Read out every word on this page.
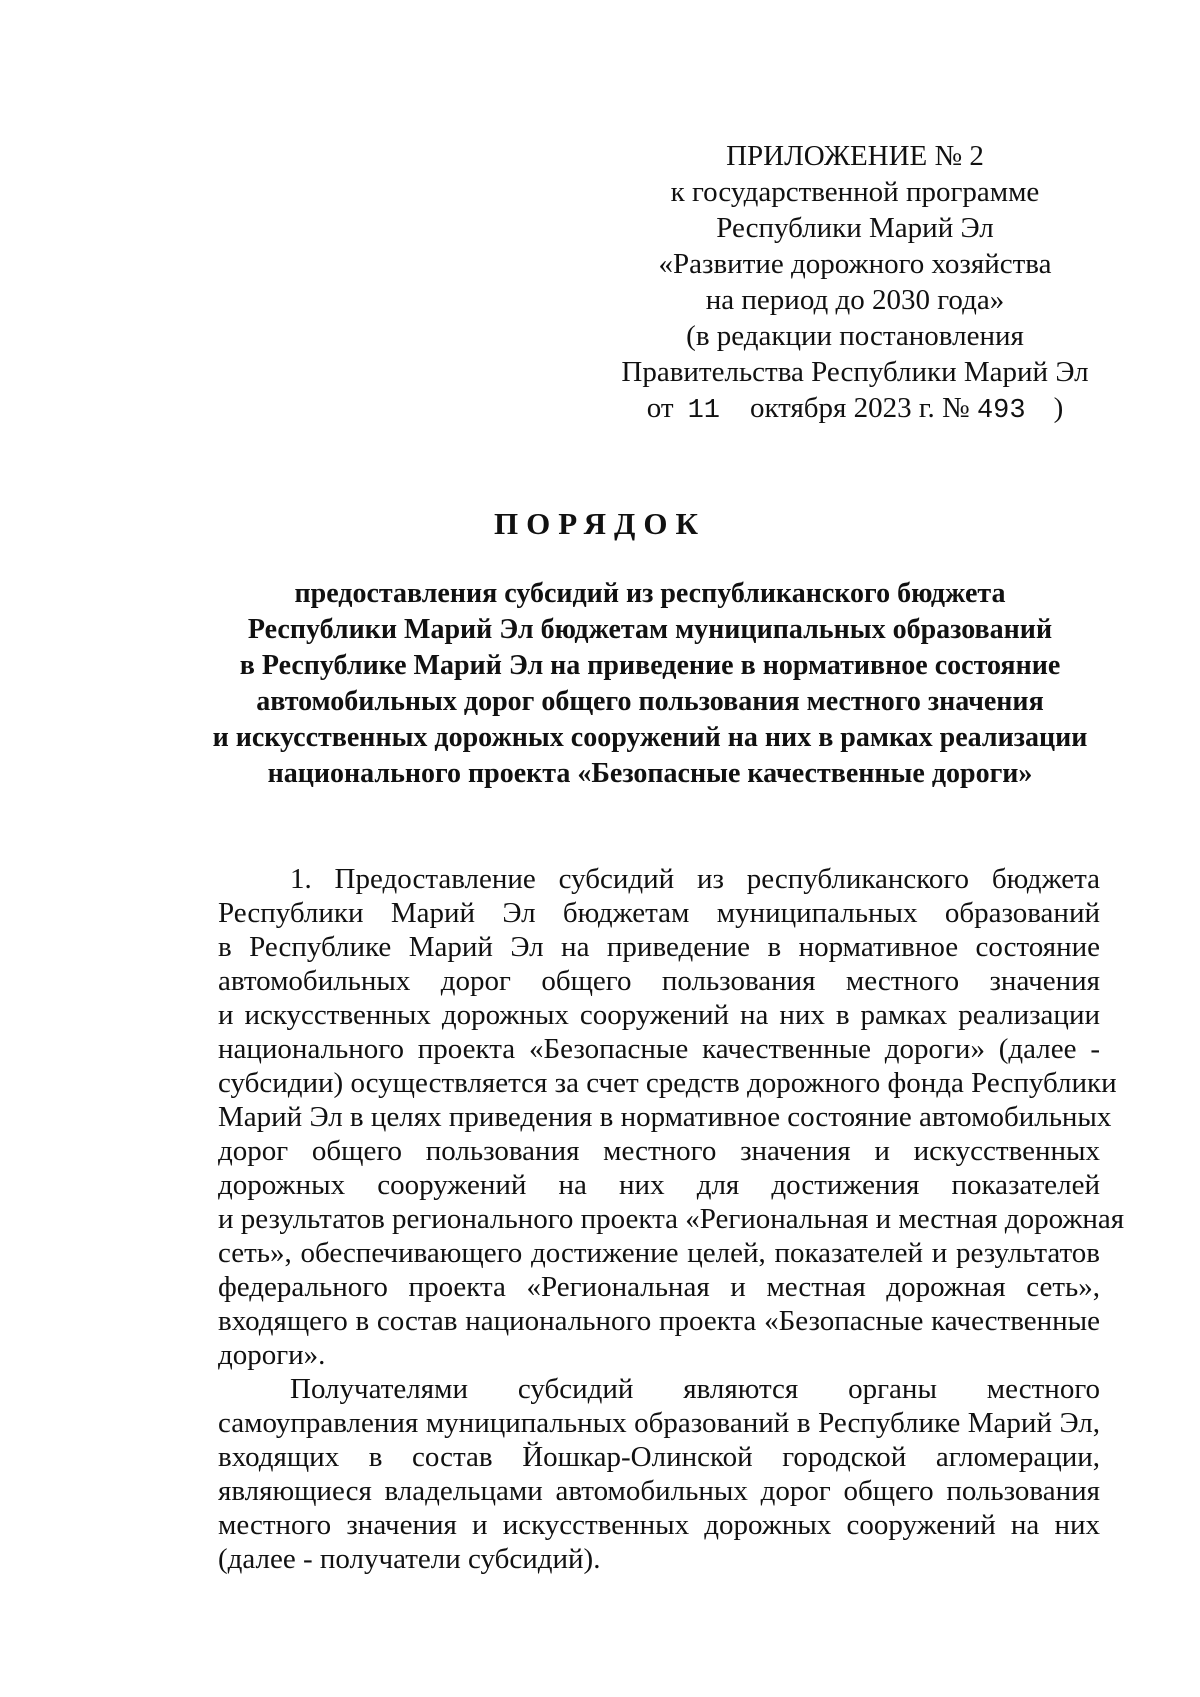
ПРИЛОЖЕНИЕ № 2
к государственной программе
Республики Марий Эл
«Развитие дорожного хозяйства
на период до 2030 года»
(в редакции постановления
Правительства Республики Марий Эл
от 11 октября 2023 г. № 493 )
ПОРЯДОК
предоставления субсидий из республиканского бюджета
Республики Марий Эл бюджетам муниципальных образований
в Республике Марий Эл на приведение в нормативное состояние
автомобильных дорог общего пользования местного значения
и искусственных дорожных сооружений на них в рамках реализации
национального проекта «Безопасные качественные дороги»

1. Предоставление субсидий из республиканского бюджета
Республики Марий Эл бюджетам муниципальных образований
в Республике Марий Эл на приведение в нормативное состояние
автомобильных дорог общего пользования местного значения
и искусственных дорожных сооружений на них в рамках реализации
национального проекта «Безопасные качественные дороги» (далее -
субсидии) осуществляется за счет средств дорожного фонда Республики
Марий Эл в целях приведения в нормативное состояние автомобильных
дорог общего пользования местного значения и искусственных
дорожных сооружений на них для достижения показателей
и результатов регионального проекта «Региональная и местная дорожная
сеть», обеспечивающего достижение целей, показателей и результатов
федерального проекта «Региональная и местная дорожная сеть»,
входящего в состав национального проекта «Безопасные качественные
дороги».

Получателями субсидий являются органы местного
самоуправления муниципальных образований в Республике Марий Эл,
входящих в состав Йошкар-Олинской городской агломерации,
являющиеся владельцами автомобильных дорог общего пользования
местного значения и искусственных дорожных сооружений на них
(далее - получатели субсидий).
